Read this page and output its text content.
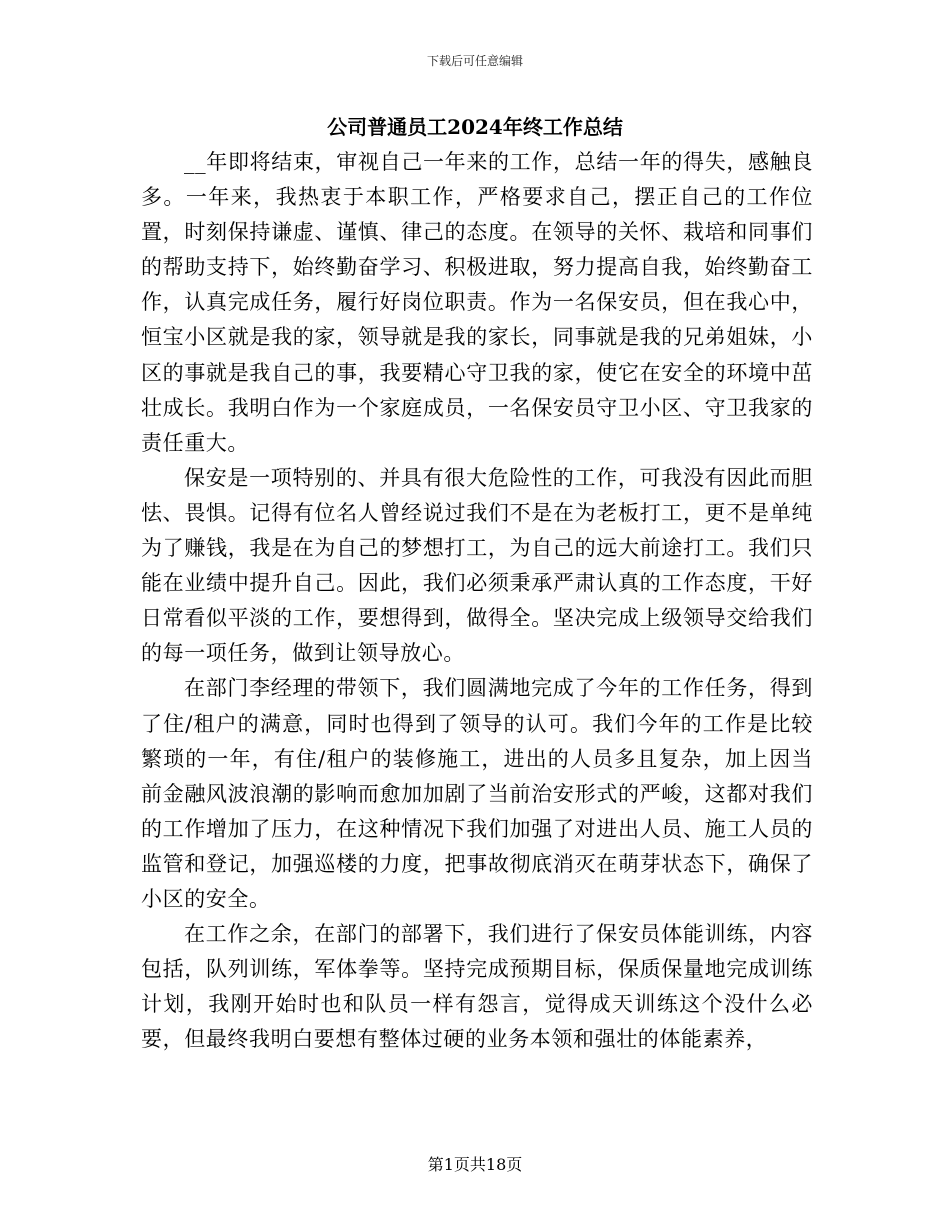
下载后可任意编辑
公司普通员工2024年终工作总结

__年即将结束，审视自己一年来的工作，总结一年的得失，感触良多。一年来，我热衷于本职工作，严格要求自己，摆正自己的工作位置，时刻保持谦虚、谨慎、律己的态度。在领导的关怀、栽培和同事们的帮助支持下，始终勤奋学习、积极进取，努力提高自我，始终勤奋工作，认真完成任务，履行好岗位职责。作为一名保安员，但在我心中，恒宝小区就是我的家，领导就是我的家长，同事就是我的兄弟姐妹，小区的事就是我自己的事，我要精心守卫我的家，使它在安全的环境中茁壮成长。我明白作为一个家庭成员，一名保安员守卫小区、守卫我家的责任重大。

保安是一项特别的、并具有很大危险性的工作，可我没有因此而胆怯、畏惧。记得有位名人曾经说过我们不是在为老板打工，更不是单纯为了赚钱，我是在为自己的梦想打工，为自己的远大前途打工。我们只能在业绩中提升自己。因此，我们必须秉承严肃认真的工作态度，干好日常看似平淡的工作，要想得到，做得全。坚决完成上级领导交给我们的每一项任务，做到让领导放心。

在部门李经理的带领下，我们圆满地完成了今年的工作任务，得到了住/租户的满意，同时也得到了领导的认可。我们今年的工作是比较繁琐的一年，有住/租户的装修施工，进出的人员多且复杂，加上因当前金融风波浪潮的影响而愈加加剧了当前治安形式的严峻，这都对我们的工作增加了压力，在这种情况下我们加强了对进出人员、施工人员的监管和登记，加强巡楼的力度，把事故彻底消灭在萌芽状态下，确保了小区的安全。

在工作之余，在部门的部署下，我们进行了保安员体能训练，内容包括，队列训练，军体拳等。坚持完成预期目标，保质保量地完成训练计划，我刚开始时也和队员一样有怨言，觉得成天训练这个没什么必要，但最终我明白要想有整体过硬的业务本领和强壮的体能素养，

第1页共18页
